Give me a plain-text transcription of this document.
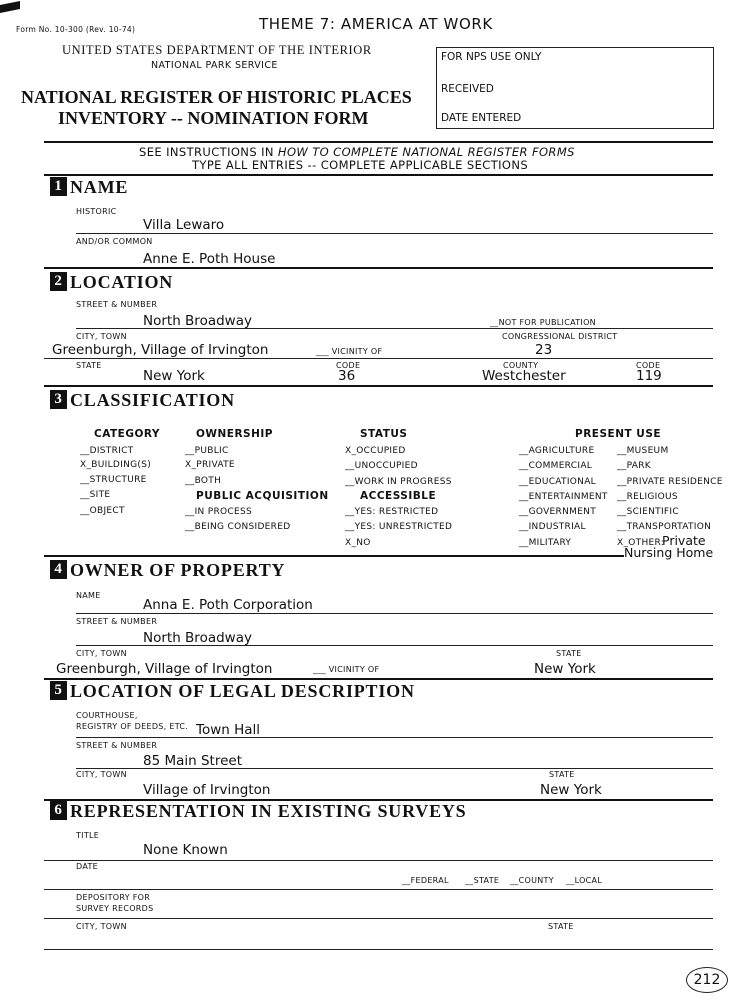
Form No. 10-300 (Rev. 10-74)	THEME 7: AMERICA AT WORK
UNITED STATES DEPARTMENT OF THE INTERIOR
NATIONAL PARK SERVICE
NATIONAL REGISTER OF HISTORIC PLACES
INVENTORY -- NOMINATION FORM
FOR NPS USE ONLY
RECEIVED
DATE ENTERED
SEE INSTRUCTIONS IN HOW TO COMPLETE NATIONAL REGISTER FORMS
TYPE ALL ENTRIES -- COMPLETE APPLICABLE SECTIONS
1 NAME
HISTORIC
Villa Lewaro
AND/OR COMMON
Anne E. Poth House
2 LOCATION
STREET & NUMBER
North Broadway	__NOT FOR PUBLICATION
CITY, TOWN	CONGRESSIONAL DISTRICT
Greenburgh, Village of Irvington	___ VICINITY OF	23
STATE	CODE	COUNTY	CODE
New York	36	Westchester	119
3 CLASSIFICATION
CATEGORY
__DISTRICT
X_BUILDING(S)
__STRUCTURE
__SITE
__OBJECT
OWNERSHIP
__PUBLIC
X_PRIVATE
__BOTH
PUBLIC ACQUISITION
__IN PROCESS
__BEING CONSIDERED
STATUS
X_OCCUPIED
__UNOCCUPIED
__WORK IN PROGRESS
ACCESSIBLE
__YES: RESTRICTED
__YES: UNRESTRICTED
X_NO
PRESENT USE
__AGRICULTURE
__COMMERCIAL
__EDUCATIONAL
__ENTERTAINMENT
__GOVERNMENT
__INDUSTRIAL
__MILITARY
__MUSEUM
__PARK
__PRIVATE RESIDENCE
__RELIGIOUS
__SCIENTIFIC
__TRANSPORTATION
X_OTHER:
Private
Nursing Home
4 OWNER OF PROPERTY
NAME
Anna E. Poth Corporation
STREET & NUMBER
North Broadway
CITY, TOWN	STATE
Greenburgh, Village of Irvington	___ VICINITY OF	New York
5 LOCATION OF LEGAL DESCRIPTION
COURTHOUSE,
REGISTRY OF DEEDS, ETC. Town Hall
STREET & NUMBER
85 Main Street
CITY, TOWN	STATE
Village of Irvington	New York
6 REPRESENTATION IN EXISTING SURVEYS
TITLE
None Known
DATE
__FEDERAL __STATE __COUNTY __LOCAL
DEPOSITORY FOR
SURVEY RECORDS
CITY, TOWN	STATE
212
